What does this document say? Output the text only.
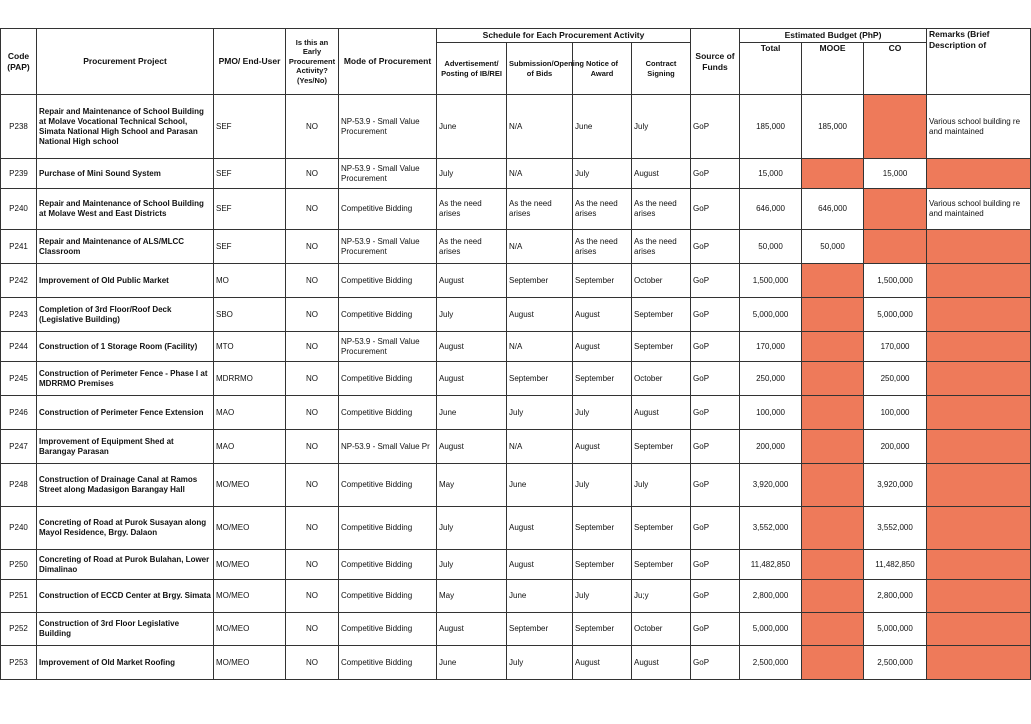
Code (PAP)	Procurement Project	PMO/ End-User	Is this an Early Procurement Activity? (Yes/No)	Mode of Procurement	Schedule for Each Procurement Activity				Source of Funds	Estimated Budget (PhP)			Remarks (Brief Description of
					Advertisement/ Posting of IB/REI	Submission/Opening of Bids	Notice of Award	Contract Signing		Total	MOOE	CO	
P238	Repair and Maintenance of School Building at Molave Vocational Technical School, Simata National High School and Parasan National High school	SEF	NO	NP-53.9 - Small Value Procurement	June	N/A	June	July	GoP	185,000	185,000		Various school building re and maintained
P239	Purchase of Mini Sound System	SEF	NO	NP-53.9 - Small Value Procurement	July	N/A	July	August	GoP	15,000		15,000	
P240	Repair and Maintenance of School Building at Molave West and East Districts	SEF	NO	Competitive Bidding	As the need arises	As the need arises	As the need arises	As the need arises	GoP	646,000	646,000		Various school building re and maintained
P241	Repair and Maintenance of ALS/MLCC Classroom	SEF	NO	NP-53.9 - Small Value Procurement	As the need arises	N/A	As the need arises	As the need arises	GoP	50,000	50,000		
P242	Improvement of Old Public Market	MO	NO	Competitive Bidding	August	September	September	October	GoP	1,500,000		1,500,000	
P243	Completion of 3rd Floor/Roof Deck (Legislative Building)	SBO	NO	Competitive Bidding	July	August	August	September	GoP	5,000,000		5,000,000	
P244	Construction of 1 Storage Room (Facility)	MTO	NO	NP-53.9 - Small Value Procurement	August	N/A	August	September	GoP	170,000		170,000	
P245	Construction of Perimeter Fence - Phase I at MDRRMO Premises	MDRRMO	NO	Competitive Bidding	August	September	September	October	GoP	250,000		250,000	
P246	Construction of Perimeter Fence Extension	MAO	NO	Competitive Bidding	June	July	July	August	GoP	100,000		100,000	
P247	Improvement of Equipment Shed at Barangay Parasan	MAO	NO	NP-53.9 - Small Value Pr	August	N/A	August	September	GoP	200,000		200,000	
P248	Construction of Drainage Canal at Ramos Street along Madasigon Barangay Hall	MO/MEO	NO	Competitive Bidding	May	June	July	July	GoP	3,920,000		3,920,000	
P240	Concreting of Road at Purok Susayan along Mayol Residence, Brgy. Dalaon	MO/MEO	NO	Competitive Bidding	July	August	September	September	GoP	3,552,000		3,552,000	
P250	Concreting of Road at Purok Bulahan, Lower Dimalinao	MO/MEO	NO	Competitive Bidding	July	August	September	September	GoP	11,482,850		11,482,850	
P251	Construction of ECCD Center at Brgy. Simata	MO/MEO	NO	Competitive Bidding	May	June	July	Ju;y	GoP	2,800,000		2,800,000	
P252	Construction of 3rd Floor Legislative Building	MO/MEO	NO	Competitive Bidding	August	September	September	October	GoP	5,000,000		5,000,000	
P253	Improvement of Old Market Roofing	MO/MEO	NO	Competitive Bidding	June	July	August	August	GoP	2,500,000		2,500,000	
